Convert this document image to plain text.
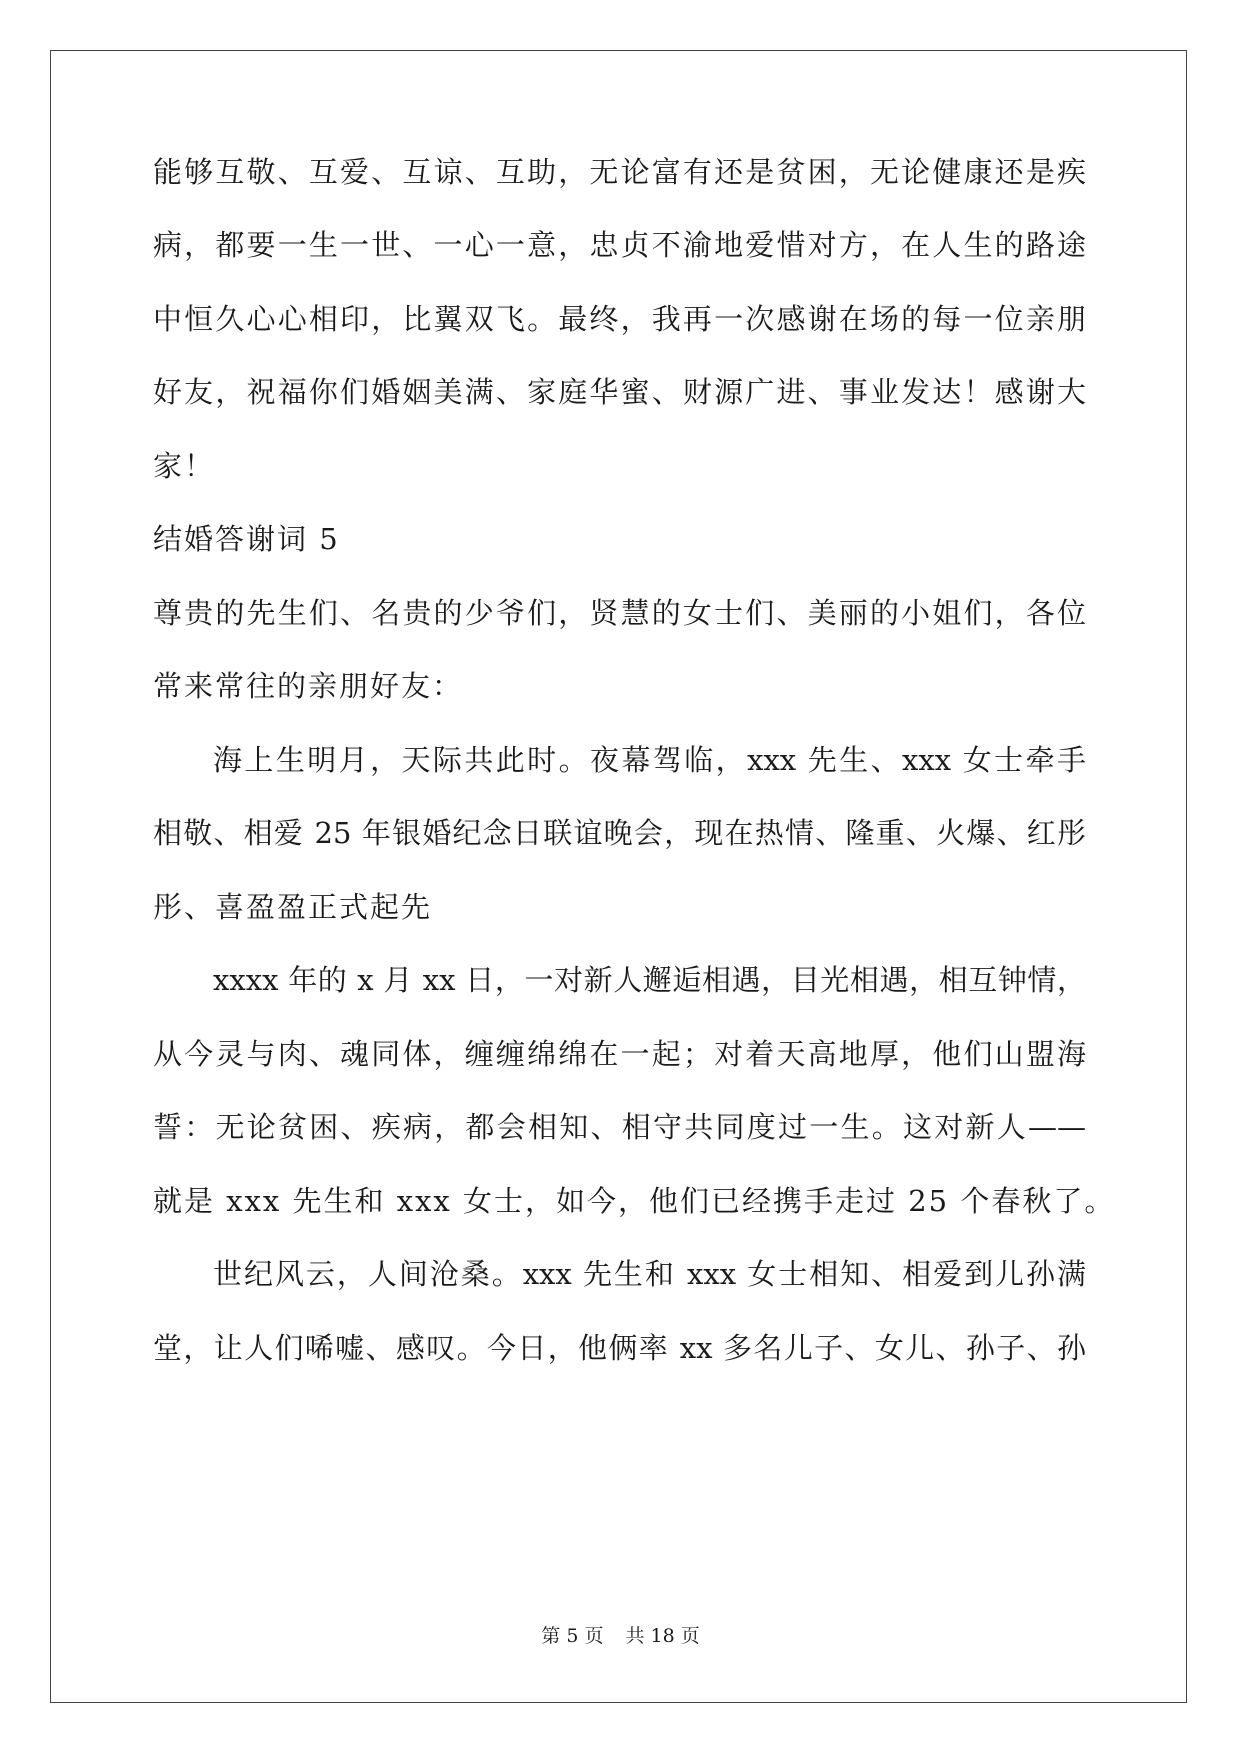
能够互敬、互爱、互谅、互助，无论富有还是贫困，无论健康还是疾
病，都要一生一世、一心一意，忠贞不渝地爱惜对方，在人生的路途
中恒久心心相印，比翼双飞。最终，我再一次感谢在场的每一位亲朋
好友，祝福你们婚姻美满、家庭华蜜、财源广进、事业发达！感谢大
家！
结婚答谢词 5
尊贵的先生们、名贵的少爷们，贤慧的女士们、美丽的小姐们，各位
常来常往的亲朋好友：
海上生明月，天际共此时。夜幕驾临，xxx 先生、xxx 女士牵手
相敬、相爱 25 年银婚纪念日联谊晚会，现在热情、隆重、火爆、红彤
彤、喜盈盈正式起先
xxxx 年的 x 月 xx 日，一对新人邂逅相遇，目光相遇，相互钟情，
从今灵与肉、魂同体，缠缠绵绵在一起；对着天高地厚，他们山盟海
誓：无论贫困、疾病，都会相知、相守共同度过一生。这对新人——
就是 xxx 先生和 xxx 女士，如今，他们已经携手走过 25 个春秋了。
世纪风云，人间沧桑。xxx 先生和 xxx 女士相知、相爱到儿孙满
堂，让人们唏嘘、感叹。今日，他俩率 xx 多名儿子、女儿、孙子、孙
第 5 页 共 18 页
